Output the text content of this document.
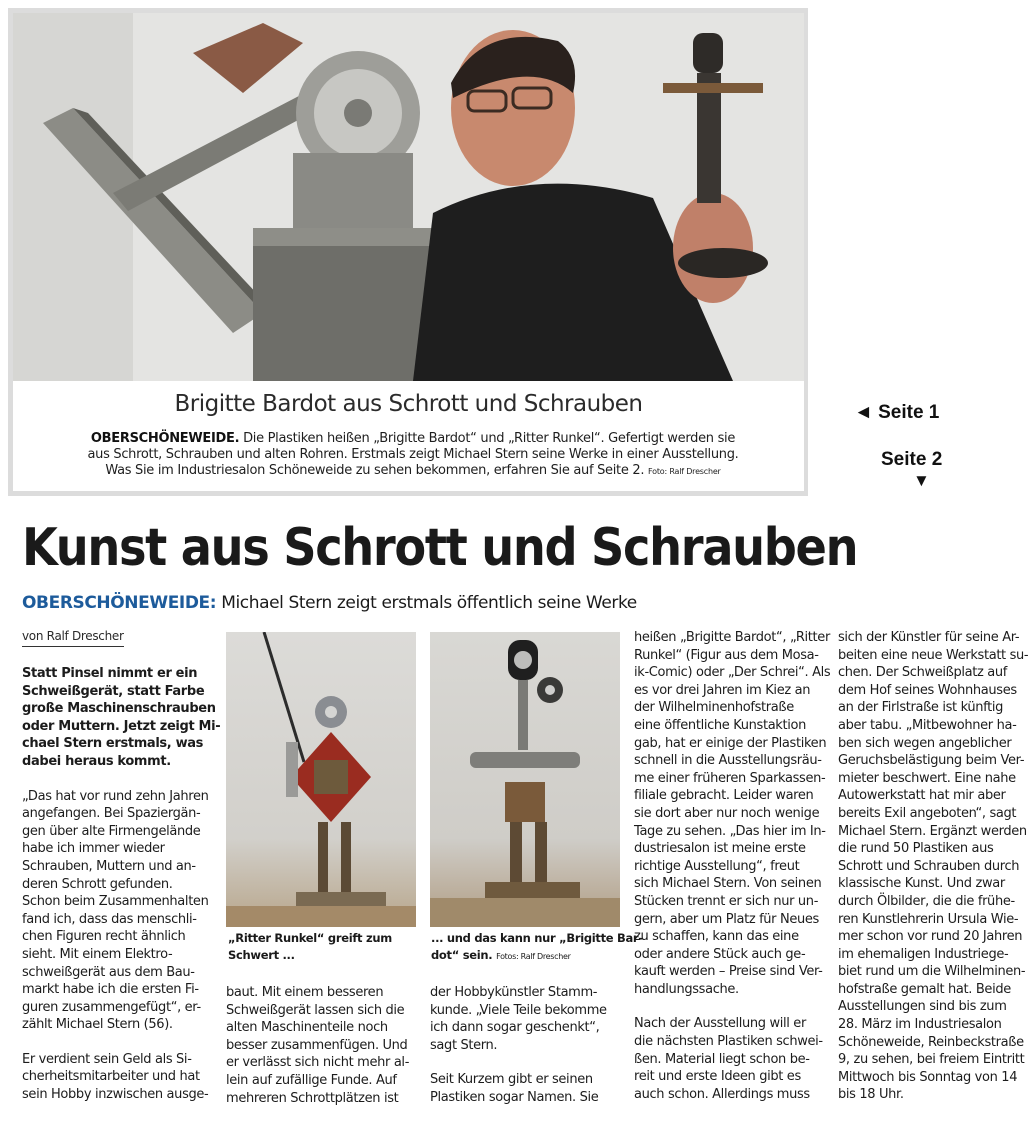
Brigitte Bardot aus Schrott und Schrauben
OBERSCHÖNEWEIDE. Die Plastiken heißen „Brigitte Bardot“ und „Ritter Runkel“. Gefertigt werden sie
aus Schrott, Schrauben und alten Rohren. Erstmals zeigt Michael Stern seine Werke in einer Ausstellung.
Was Sie im Industriesalon Schöneweide zu sehen bekommen, erfahren Sie auf Seite 2. Foto: Ralf Drescher
◄ Seite 1
Seite 2
▼
Kunst aus Schrott und Schrauben
OBERSCHÖNEWEIDE: Michael Stern zeigt erstmals öffentlich seine Werke
von Ralf Drescher

Statt Pinsel nimmt er ein

Schweißgerät, statt Farbe

große Maschinenschrauben

oder Muttern. Jetzt zeigt Mi-

chael Stern erstmals, was

dabei heraus kommt.

„Das hat vor rund zehn Jahren

angefangen. Bei Spaziergän-

gen über alte Firmengelände

habe ich immer wieder

Schrauben, Muttern und an-

deren Schrott gefunden.

Schon beim Zusammenhalten

fand ich, dass das menschli-

chen Figuren recht ähnlich

sieht. Mit einem Elektro-

schweißgerät aus dem Bau-

markt habe ich die ersten Fi-

guren zusammengefügt“, er-

zählt Michael Stern (56).

Er verdient sein Geld als Si-

cherheitsmitarbeiter und hat

sein Hobby inzwischen ausge-

„Ritter Runkel“ greift zum

Schwert ...

baut. Mit einem besseren

Schweißgerät lassen sich die

alten Maschinenteile noch

besser zusammenfügen. Und

er verlässt sich nicht mehr al-

lein auf zufällige Funde. Auf

mehreren Schrottplätzen ist

... und das kann nur „Brigitte Bar-

dot“ sein. Fotos: Ralf Drescher

der Hobbykünstler Stamm-

kunde. „Viele Teile bekomme

ich dann sogar geschenkt“,

sagt Stern.

Seit Kurzem gibt er seinen

Plastiken sogar Namen. Sie

heißen „Brigitte Bardot“, „Ritter

Runkel“ (Figur aus dem Mosa-

ik-Comic) oder „Der Schrei“. Als

es vor drei Jahren im Kiez an

der Wilhelminenhofstraße

eine öffentliche Kunstaktion

gab, hat er einige der Plastiken

schnell in die Ausstellungsräu-

me einer früheren Sparkassen-

filiale gebracht. Leider waren

sie dort aber nur noch wenige

Tage zu sehen. „Das hier im In-

dustriesalon ist meine erste

richtige Ausstellung“, freut

sich Michael Stern. Von seinen

Stücken trennt er sich nur un-

gern, aber um Platz für Neues

zu schaffen, kann das eine

oder andere Stück auch ge-

kauft werden – Preise sind Ver-

handlungssache.

Nach der Ausstellung will er

die nächsten Plastiken schwei-

ßen. Material liegt schon be-

reit und erste Ideen gibt es

auch schon. Allerdings muss

sich der Künstler für seine Ar-

beiten eine neue Werkstatt su-

chen. Der Schweißplatz auf

dem Hof seines Wohnhauses

an der Firlstraße ist künftig

aber tabu. „Mitbewohner ha-

ben sich wegen angeblicher

Geruchsbelästigung beim Ver-

mieter beschwert. Eine nahe

Autowerkstatt hat mir aber

bereits Exil angeboten“, sagt

Michael Stern. Ergänzt werden

die rund 50 Plastiken aus

Schrott und Schrauben durch

klassische Kunst. Und zwar

durch Ölbilder, die die frühe-

ren Kunstlehrerin Ursula Wie-

mer schon vor rund 20 Jahren

im ehemaligen Industriege-

biet rund um die Wilhelminen-

hofstraße gemalt hat. Beide

Ausstellungen sind bis zum

28. März im Industriesalon

Schöneweide, Reinbeckstraße

9, zu sehen, bei freiem Eintritt

Mittwoch bis Sonntag von 14

bis 18 Uhr.
